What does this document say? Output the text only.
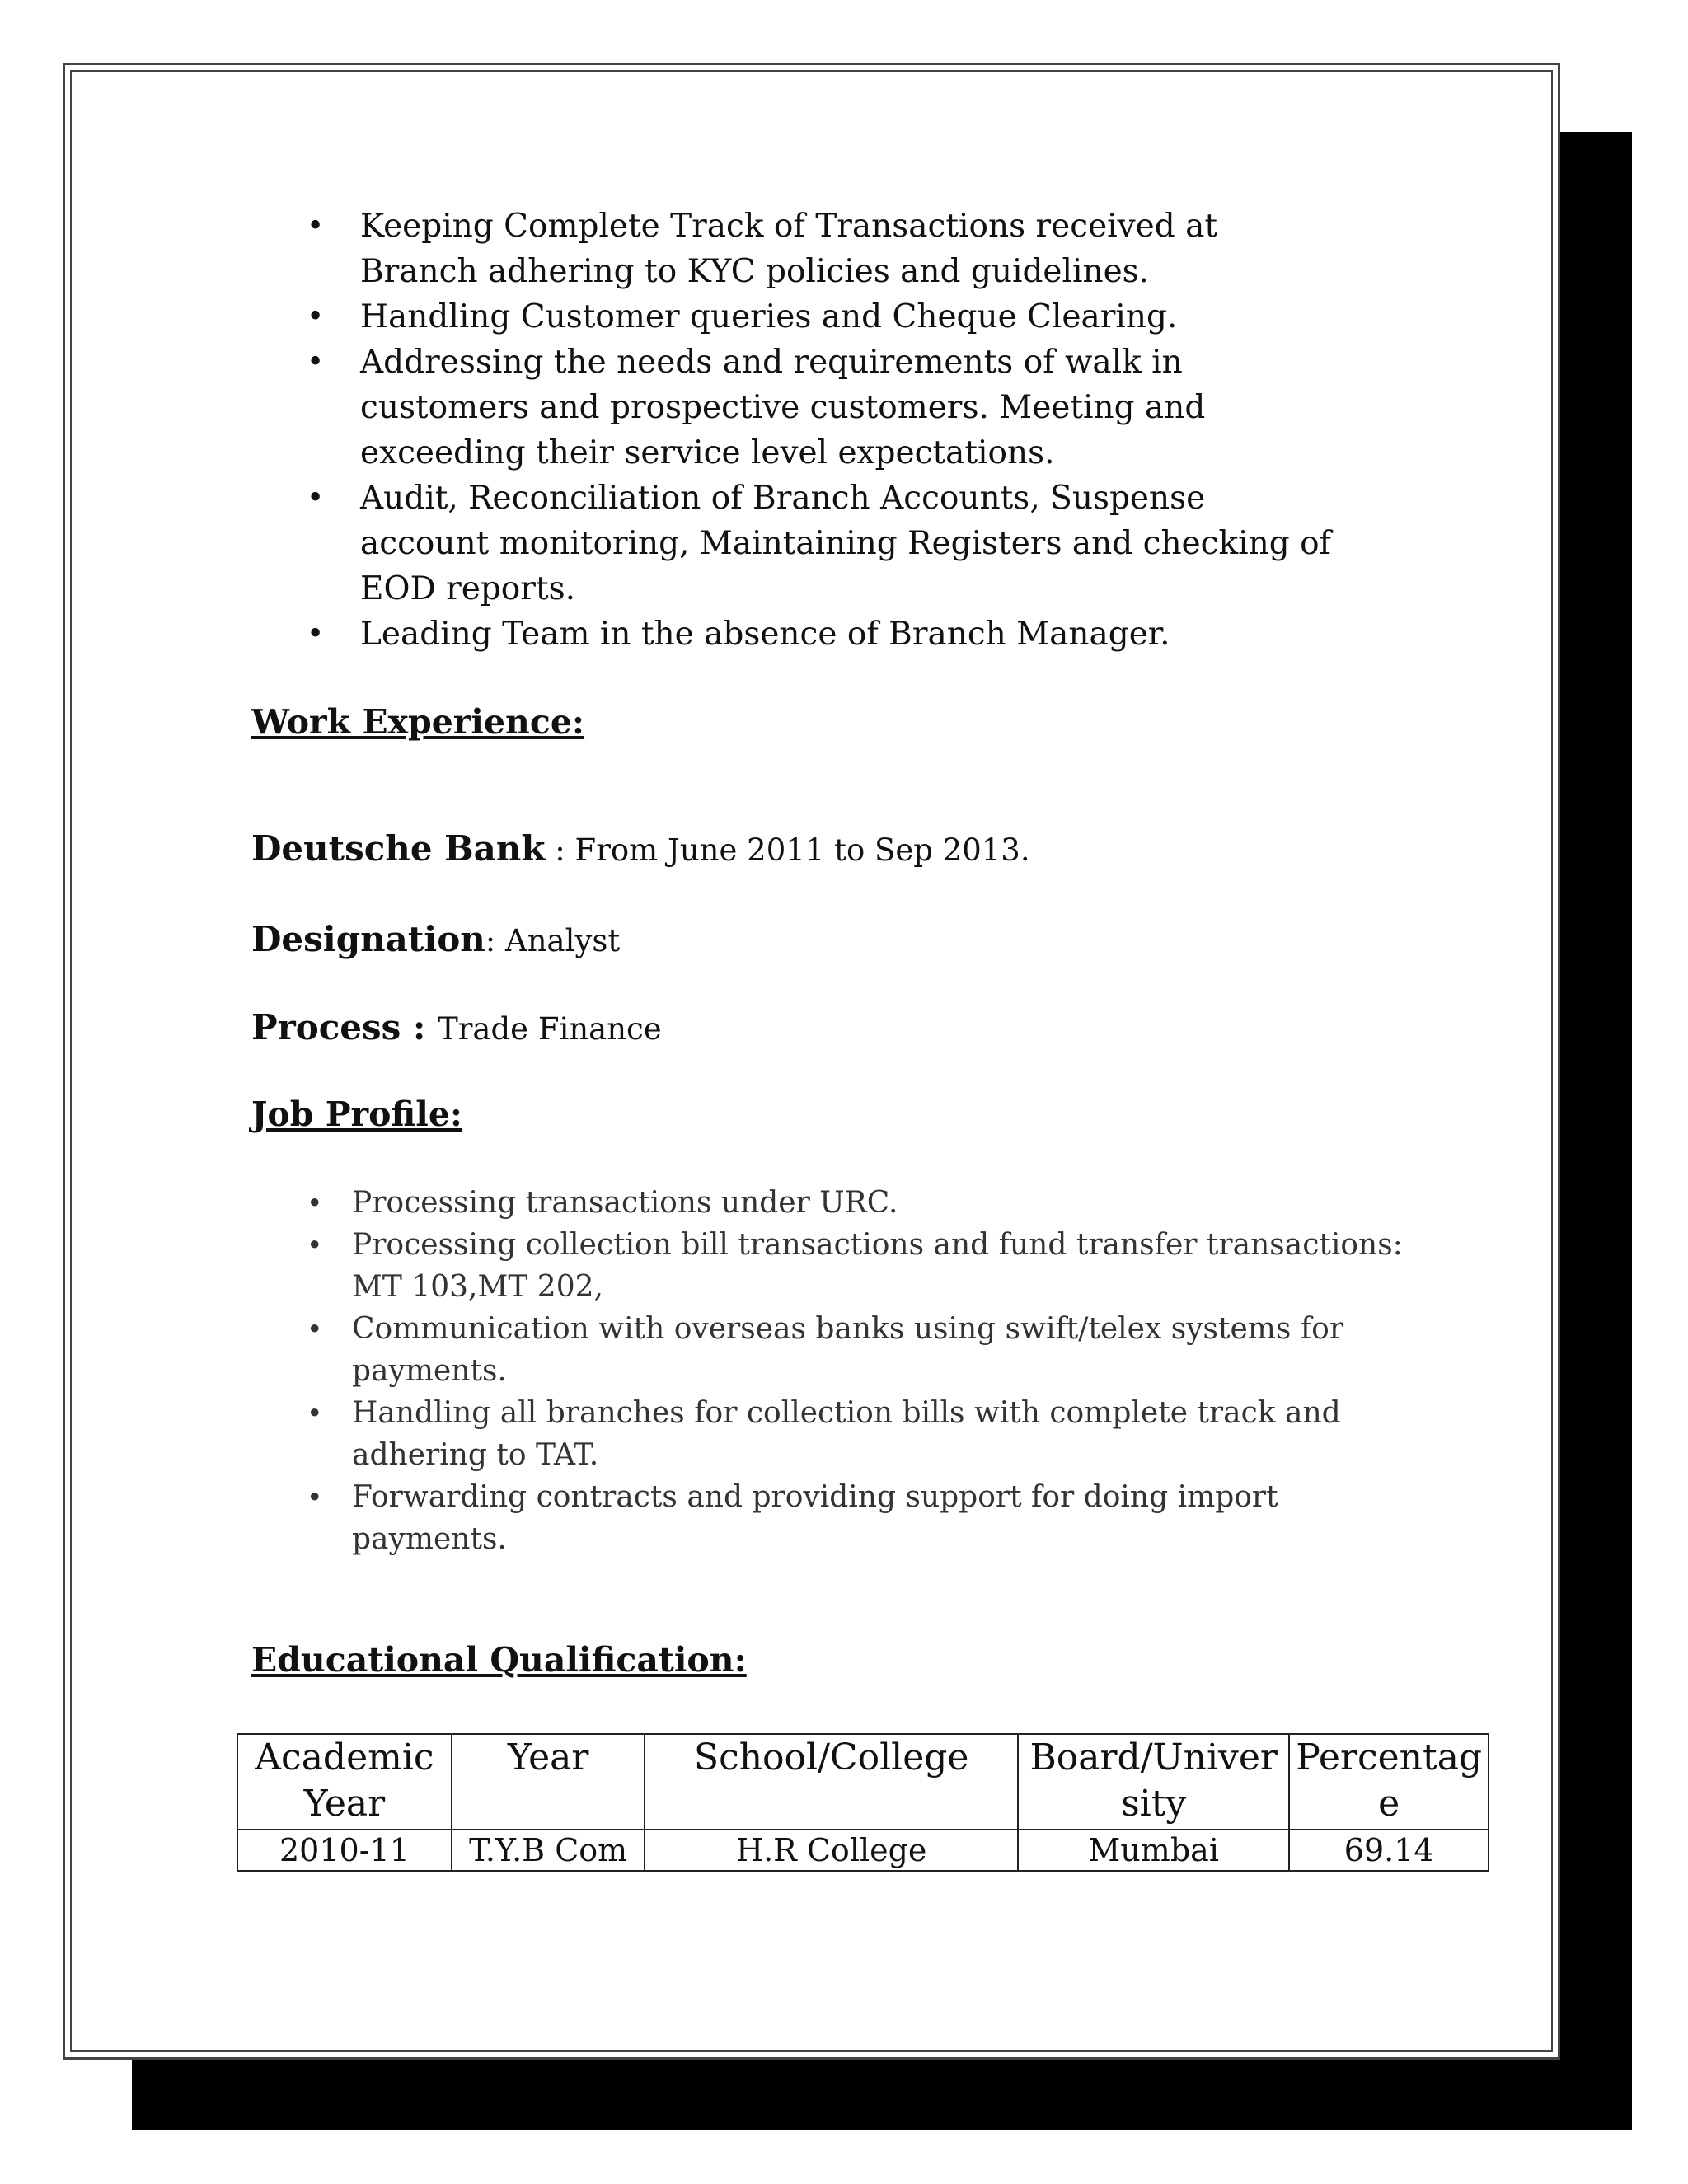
• Keeping Complete Track of Transactions received at Branch adhering to KYC policies and guidelines.
• Handling Customer queries and Cheque Clearing.
• Addressing the needs and requirements of walk in customers and prospective customers. Meeting and exceeding their service level expectations.
• Audit, Reconciliation of Branch Accounts, Suspense account monitoring, Maintaining Registers and checking of EOD reports.
• Leading Team in the absence of Branch Manager.
Work Experience:

Deutsche Bank : From June 2011 to Sep 2013.

Designation: Analyst

Process : Trade Finance

Job Profile:
• Processing transactions under URC.
• Processing collection bill transactions and fund transfer transactions: MT 103,MT 202,
• Communication with overseas banks using swift/telex systems for payments.
• Handling all branches for collection bills with complete track and adhering to TAT.
• Forwarding contracts and providing support for doing import payments.
Educational Qualification:
Academic Year	Year	School/College	Board/University	Percentage
2010-11	T.Y.B Com	H.R College	Mumbai	69.14
